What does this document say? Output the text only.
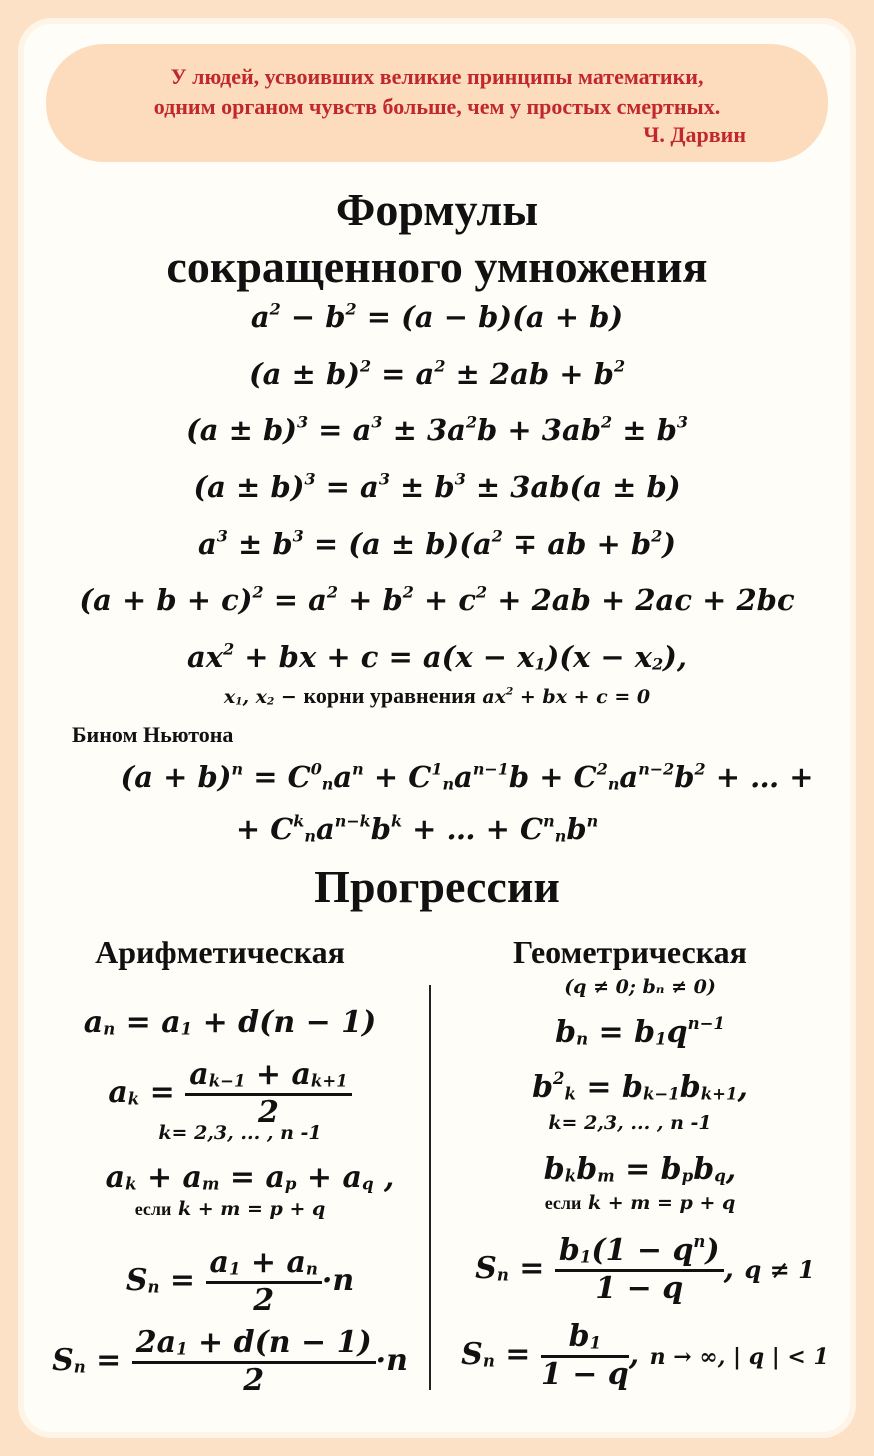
У людей, усвоивших великие принципы математики,
одним органом чувств больше, чем у простых смертных.
Ч. Дарвин
Формулы
сокращенного умножения
$a^2 - b^2 = (a - b)(a + b)$
$(a \pm b)^2 = a^2 \pm 2ab + b^2$
$(a \pm b)^3 = a^3 \pm 3a^2b + 3ab^2 \pm b^3$
$(a \pm b)^3 = a^3 \pm b^3 \pm 3ab(a \pm b)$
$a^3 \pm b^3 = (a \pm b)(a^2$ ∓ ab + $b^2$)
$(a + b + c)^2 = a^2 + b^2 + c^2 + 2ab + 2ac + 2bc$
$ax^2$ + bx + $c = a(x - x_1)(x - x_2)$,
$x_1$, $x_2$ − корни уравнения $ax^2$ + bx + c = 0
Бином Ньютона
$(a + b)^n = C^0_na^n + C^1_na^{n-1}b + C^2_na^{n-2}b^2$ + … +
+ $C^k_na^{n-k}b^k$ + … + $C^n_nb^n$
Прогрессии
Арифметическая
$a_n = a_1 + d(n - 1)$
$a_k = \frac{a_{k-1} + a_{k+1}}{2}$
k= 2,3, ... , n -1
$a_k + a_m = a_p + a_q$ ,
если k + m = p + q
$S_n = \frac{a_1 + a_n}{2} \cdot n$
$S_n = \frac{2a_1 + d(n - 1)}{2} \cdot n$
Геометрическая
(q ≠ 0; bₙ ≠ 0)
$b_n = b_1q^{n-1}$
$b^2_k = b_{k-1}b_{k+1}$,
k= 2,3, ... , n -1
$b_kb_m = b_pb_q$,
если k + m = p + q
$S_n = \frac{b_1(1 - q^n)}{1 - q}$ , q ≠ 1
$S_n = \frac{b_1}{1 - q}$ , n → ∞, | q | < 1
